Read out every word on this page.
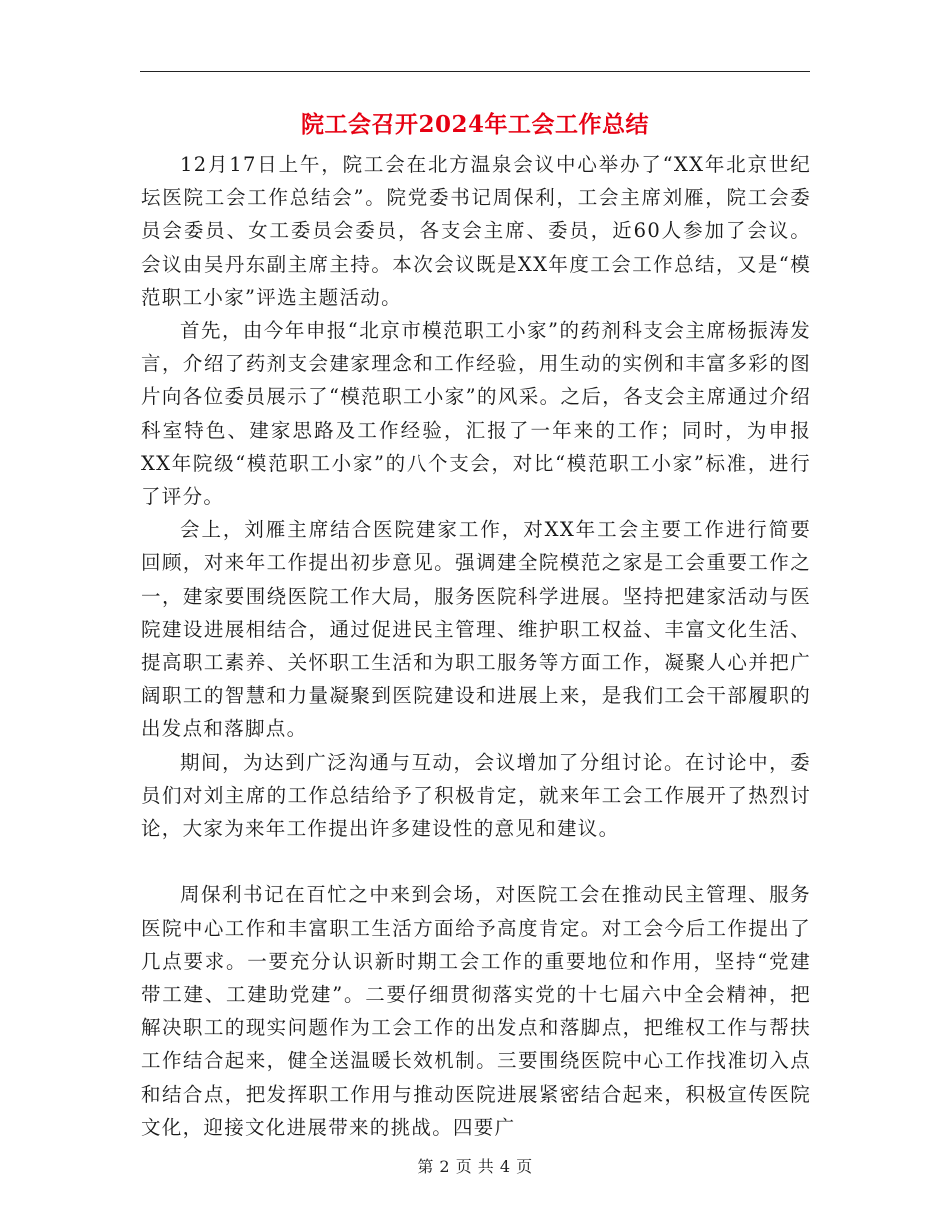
院工会召开2024年工会工作总结

12月17日上午，院工会在北方温泉会议中心举办了“XX年北京世纪坛医院工会工作总结会”。院党委书记周保利，工会主席刘雁，院工会委员会委员、女工委员会委员，各支会主席、委员，近60人参加了会议。会议由吴丹东副主席主持。本次会议既是XX年度工会工作总结，又是“模范职工小家”评选主题活动。

首先，由今年申报“北京市模范职工小家”的药剂科支会主席杨振涛发言，介绍了药剂支会建家理念和工作经验，用生动的实例和丰富多彩的图片向各位委员展示了“模范职工小家”的风采。之后，各支会主席通过介绍科室特色、建家思路及工作经验，汇报了一年来的工作；同时，为申报XX年院级“模范职工小家”的八个支会，对比“模范职工小家”标准，进行了评分。

会上，刘雁主席结合医院建家工作，对XX年工会主要工作进行简要回顾，对来年工作提出初步意见。强调建全院模范之家是工会重要工作之一，建家要围绕医院工作大局，服务医院科学进展。坚持把建家活动与医院建设进展相结合，通过促进民主管理、维护职工权益、丰富文化生活、提高职工素养、关怀职工生活和为职工服务等方面工作，凝聚人心并把广阔职工的智慧和力量凝聚到医院建设和进展上来，是我们工会干部履职的出发点和落脚点。

期间，为达到广泛沟通与互动，会议增加了分组讨论。在讨论中，委员们对刘主席的工作总结给予了积极肯定，就来年工会工作展开了热烈讨论，大家为来年工作提出许多建设性的意见和建议。

周保利书记在百忙之中来到会场，对医院工会在推动民主管理、服务医院中心工作和丰富职工生活方面给予高度肯定。对工会今后工作提出了几点要求。一要充分认识新时期工会工作的重要地位和作用，坚持“党建带工建、工建助党建”。二要仔细贯彻落实党的十七届六中全会精神，把解决职工的现实问题作为工会工作的出发点和落脚点，把维权工作与帮扶工作结合起来，健全送温暖长效机制。三要围绕医院中心工作找准切入点和结合点，把发挥职工作用与推动医院进展紧密结合起来，积极宣传医院文化，迎接文化进展带来的挑战。四要广

第 2 页 共 4 页
